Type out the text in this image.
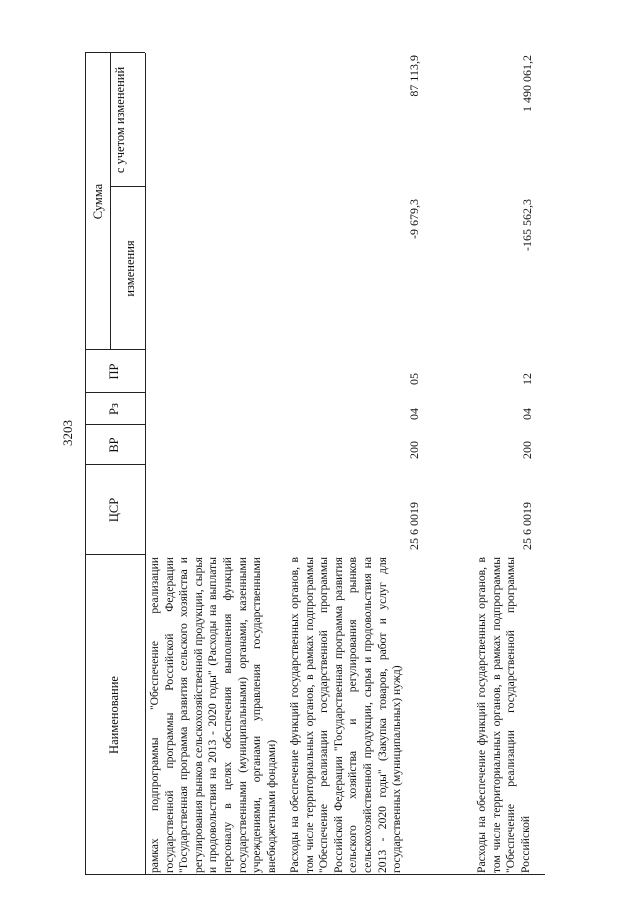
3203
Наименование
ЦСР
ВР
Рз
ПР
Сумма
изменения
с учетом изменений
рамках подпрограммы "Обеспечение реализации государственной программы Российской Федерации "Государственная программа развития сельского хозяйства и регулирования рынков сельскохозяйственной продукции, сырья и продовольствия на 2013 - 2020 годы" (Расходы на выплаты персоналу в целях обеспечения выполнения функций государственными (муниципальными) органами, казенными учреждениями, органами управления государственными внебюджетными фондами) Расходы на обеспечение функций государственных органов, в том числе территориальных органов, в рамках подпрограммы "Обеспечение реализации государственной программы Российской Федерации "Государственная программа развития сельского хозяйства и регулирования рынков сельскохозяйственной продукции, сырья и продовольствия на 2013 - 2020 годы" (Закупка товаров, работ и услуг для государственных (муниципальных) нужд)
25 6 0019
200
04
05
-9 679,3
87 113,9
Расходы на обеспечение функций государственных органов, в том числе территориальных органов, в рамках подпрограммы "Обеспечение реализации государственной программы Российской
25 6 0019
200
04
12
-165 562,3
1 490 061,2
